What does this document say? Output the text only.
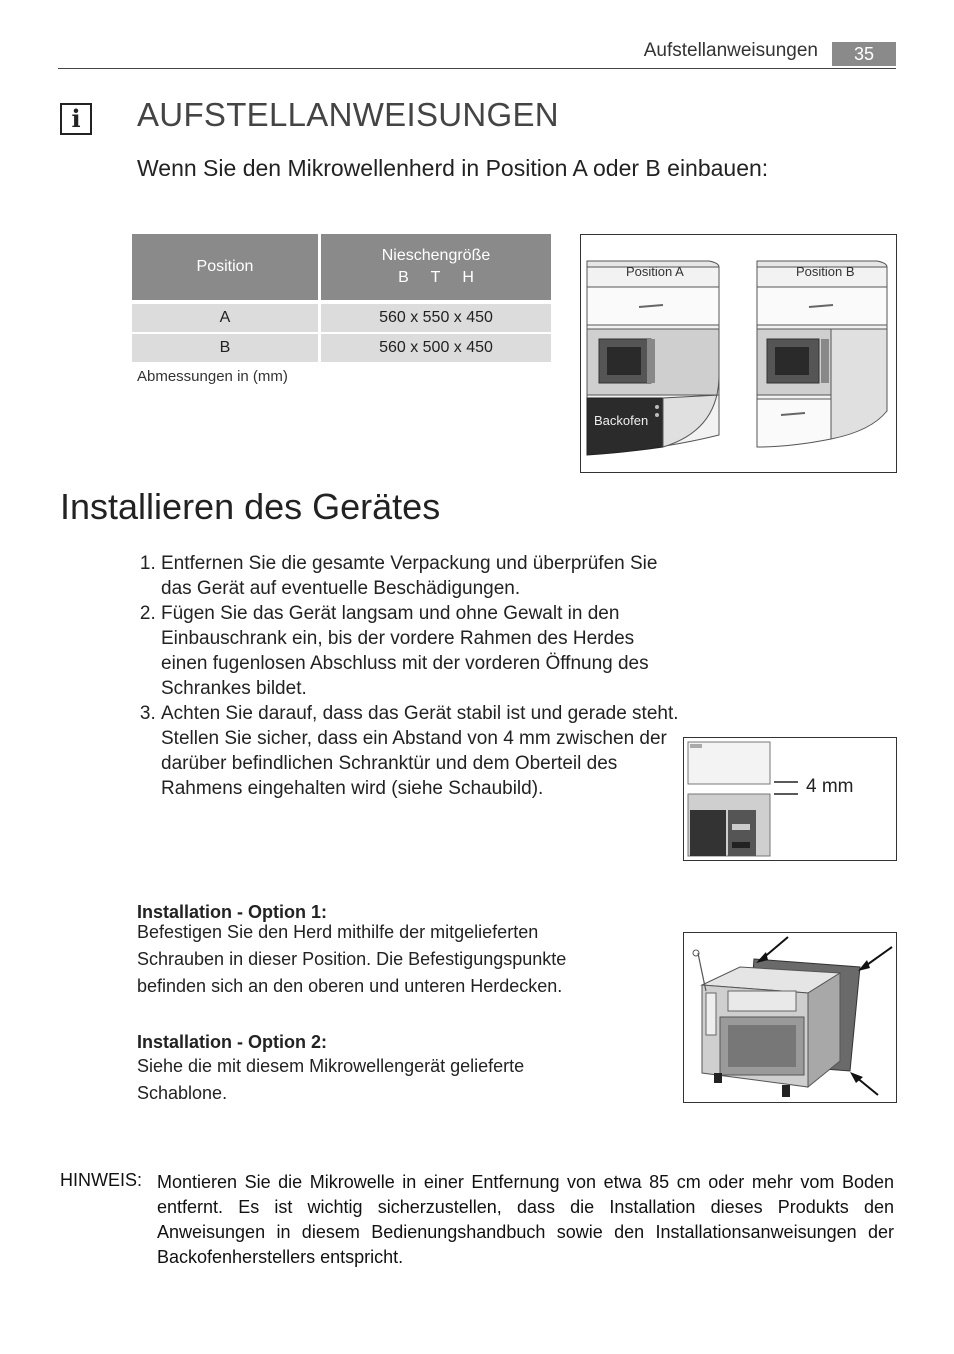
Aufstellanweisungen	35
i	AUFSTELLANWEISUNGEN
Wenn Sie den Mikrowellenherd in Position A oder B einbauen:
Position	Nieschengröße
B     T     H

A	560 x 550 x 450
B	560 x 500 x 450
Abmessungen in (mm)
Position A	Position B
Backofen
Installieren des Gerätes
1. Entfernen Sie die gesamte Verpackung und überprüfen Sie das Gerät auf eventuelle Beschädigungen.
2. Fügen Sie das Gerät langsam und ohne Gewalt in den Einbauschrank ein, bis der vordere Rahmen des Herdes einen fugenlosen Abschluss mit der vorderen Öffnung des Schrankes bildet.
3. Achten Sie darauf, dass das Gerät stabil ist und gerade steht. Stellen Sie sicher, dass ein Abstand von 4 mm zwischen der darüber befindlichen Schranktür und dem Oberteil des Rahmens eingehalten wird (siehe Schaubild).	4 mm
Installation - Option 1:
Befestigen Sie den Herd mithilfe der mitgelieferten Schrauben in dieser Position. Die Befestigungspunkte befinden sich an den oberen und unteren Herdecken.
Installation - Option 2:
Siehe die mit diesem Mikrowellengerät gelieferte Schablone.
HINWEIS: Montieren Sie die Mikrowelle in einer Entfernung von etwa 85 cm oder mehr vom Boden entfernt. Es ist wichtig sicherzustellen, dass die Installation dieses Produkts den Anweisungen in diesem Bedienungshandbuch sowie den Installationsanweisungen der Backofenherstellers entspricht.
